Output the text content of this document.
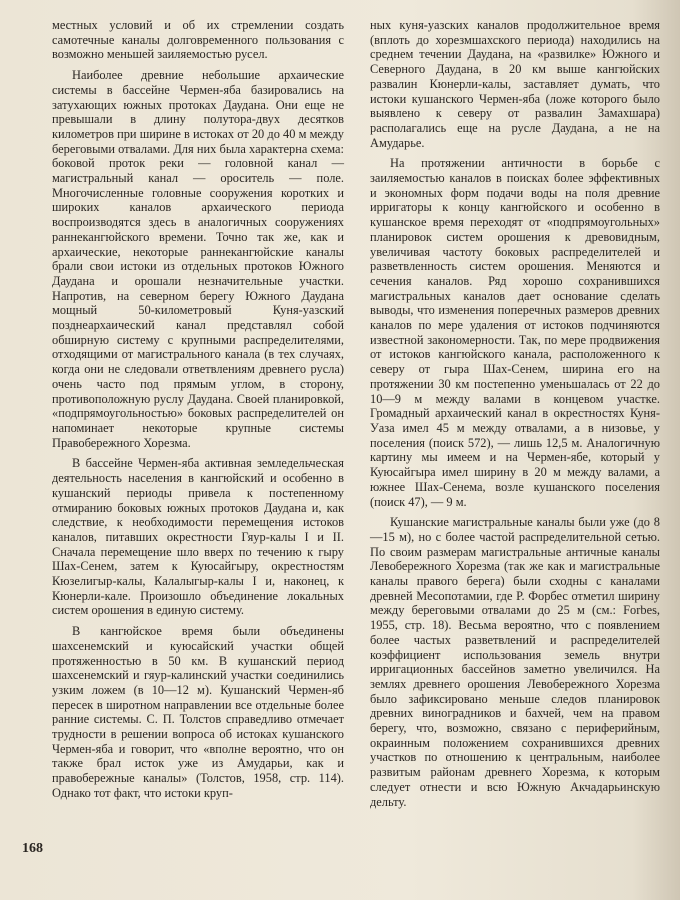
местных условий и об их стремлении создать самотечные каналы долговременного пользования с возможно меньшей заиляемостью русел.

Наиболее древние небольшие архаические системы в бассейне Чермен-яба базировались на затухающих южных протоках Даудана. Они еще не превышали в длину полутора-двух десятков километров при ширине в истоках от 20 до 40 м между береговыми отвалами. Для них была характерна схема: боковой проток реки — головной канал — магистральный канал — ороситель — поле. Многочисленные головные сооружения коротких и широких каналов архаического периода воспроизводятся здесь в аналогичных сооружениях раннекангюйского времени. Точно так же, как и архаические, некоторые раннекангюйские каналы брали свои истоки из отдельных протоков Южного Даудана и орошали незначительные участки. Напротив, на северном берегу Южного Даудана мощный 50-километровый Куня-уазский позднеархаический канал представлял собой обширную систему с крупными распределителями, отходящими от магистрального канала (в тех случаях, когда они не следовали ответвлениям древнего русла) очень часто под прямым углом, в сторону, противоположную руслу Даудана. Своей планировкой, «подпрямоугольностью» боковых распределителей он напоминает некоторые крупные системы Правобережного Хорезма.

В бассейне Чермен-яба активная земледельческая деятельность населения в кангюйский и особенно в кушанский периоды привела к постепенному отмиранию боковых южных протоков Даудана и, как следствие, к необходимости перемещения истоков каналов, питавших окрестности Гяур-калы I и II. Сначала перемещение шло вверх по течению к гыру Шах-Сенем, затем к Куюсайгыру, окрестностям Кюзелигыр-калы, Калалыгыр-калы I и, наконец, к Кюнерли-кале. Произошло объединение локальных систем орошения в единую систему.

В кангюйское время были объединены шахсенемский и куюсайский участки общей протяженностью в 50 км. В кушанский период шахсенемский и гяур-калинский участки соединились узким ложем (в 10—12 м). Кушанский Чермен-яб пересек в широтном направлении все отдельные более ранние системы. С. П. Толстов справедливо отмечает трудности в решении вопроса об истоках кушанского Чермен-яба и говорит, что «вполне вероятно, что он также брал исток уже из Амударьи, как и правобережные каналы» (Толстов, 1958, стр. 114). Однако тот факт, что истоки круп-

ных куня-уазских каналов продолжительное время (вплоть до хорезмшахского периода) находились на среднем течении Даудана, на «развилке» Южного и Северного Даудана, в 20 км выше кангюйских развалин Кюнерли-калы, заставляет думать, что истоки кушанского Чермен-яба (ложе которого было выявлено к северу от развалин Замахшара) располагались еще на русле Даудана, а не на Амударье.

На протяжении античности в борьбе с заиляемостью каналов в поисках более эффективных и экономных форм подачи воды на поля древние ирригаторы к концу кангюйского и особенно в кушанское время переходят от «подпрямоугольных» планировок систем орошения к древовидным, увеличивая частоту боковых распределителей и разветвленность систем орошения. Меняются и сечения каналов. Ряд хорошо сохранившихся магистральных каналов дает основание сделать выводы, что изменения поперечных размеров древних каналов по мере удаления от истоков подчиняются известной закономерности. Так, по мере продвижения от истоков кангюйского канала, расположенного к северу от гыра Шах-Сенем, ширина его на протяжении 30 км постепенно уменьшалась от 22 до 10—9 м между валами в концевом участке. Громадный архаический канал в окрестностях Куня-Уаза имел 45 м между отвалами, а в низовье, у поселения (поиск 572), — лишь 12,5 м. Аналогичную картину мы имеем и на Чермен-ябе, который у Куюсайгыра имел ширину в 20 м между валами, а южнее Шах-Сенема, возле кушанского поселения (поиск 47), — 9 м.

Кушанские магистральные каналы были уже (до 8—15 м), но с более частой распределительной сетью. По своим размерам магистральные античные каналы Левобережного Хорезма (так же как и магистральные каналы правого берега) были сходны с каналами древней Месопотамии, где Р. Форбес отметил ширину между береговыми отвалами до 25 м (см.: Forbes, 1955, стр. 18). Весьма вероятно, что с появлением более частых разветвлений и распределителей коэффициент использования земель внутри ирригационных бассейнов заметно увеличился. На землях древнего орошения Левобережного Хорезма было зафиксировано меньше следов планировок древних виноградников и бахчей, чем на правом берегу, что, возможно, связано с периферийным, окраинным положением сохранившихся древних участков по отношению к центральным, наиболее развитым районам древнего Хорезма, к которым следует отнести и всю Южную Акчадарьинскую дельту.

168
